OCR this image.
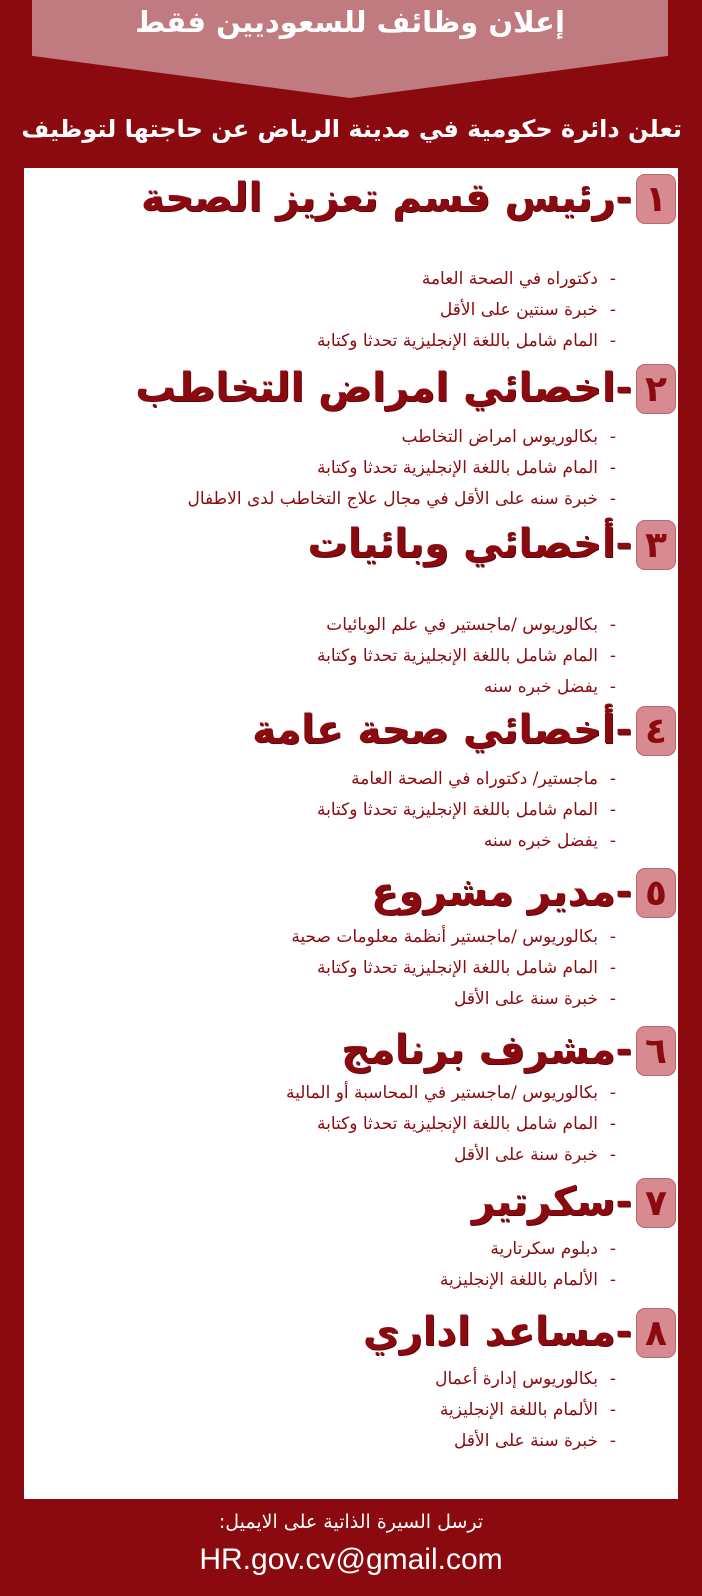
إعلان وظائف للسعوديين فقط
تعلن دائرة حكومية في مدينة الرياض عن حاجتها لتوظيف
١
-رئيس قسم تعزيز الصحة
- دكتوراه في الصحة العامة
- خبرة سنتين على الأقل
- المام شامل باللغة الإنجليزية تحدثا وكتابة
٢
-اخصائي امراض التخاطب
- بكالوريوس امراض التخاطب
- المام شامل باللغة الإنجليزية تحدثا وكتابة
- خبرة سنه على الأقل في مجال علاج التخاطب لدى الاطفال
٣
-أخصائي وبائيات
- بكالوريوس /ماجستير في علم الوبائيات
- المام شامل باللغة الإنجليزية تحدثا وكتابة
- يفضل خبره سنه
٤
-أخصائي صحة عامة
- ماجستير/ دكتوراه في الصحة العامة
- المام شامل باللغة الإنجليزية تحدثا وكتابة
- يفضل خبره سنه
٥
-مدير مشروع
- بكالوريوس /ماجستير أنظمة معلومات صحية
- المام شامل باللغة الإنجليزية تحدثا وكتابة
- خبرة سنة على الأقل
٦
-مشرف برنامج
- بكالوريوس /ماجستير في المحاسبة أو المالية
- المام شامل باللغة الإنجليزية تحدثا وكتابة
- خبرة سنة على الأقل
٧
-سكرتير
- دبلوم سكرتارية
- الألمام باللغة الإنجليزية
٨
-مساعد اداري
- بكالوريوس إدارة أعمال
- الألمام باللغة الإنجليزية
- خبرة سنة على الأقل
ترسل السيرة الذاتية على الايميل:
HR.gov.cv@gmail.com
